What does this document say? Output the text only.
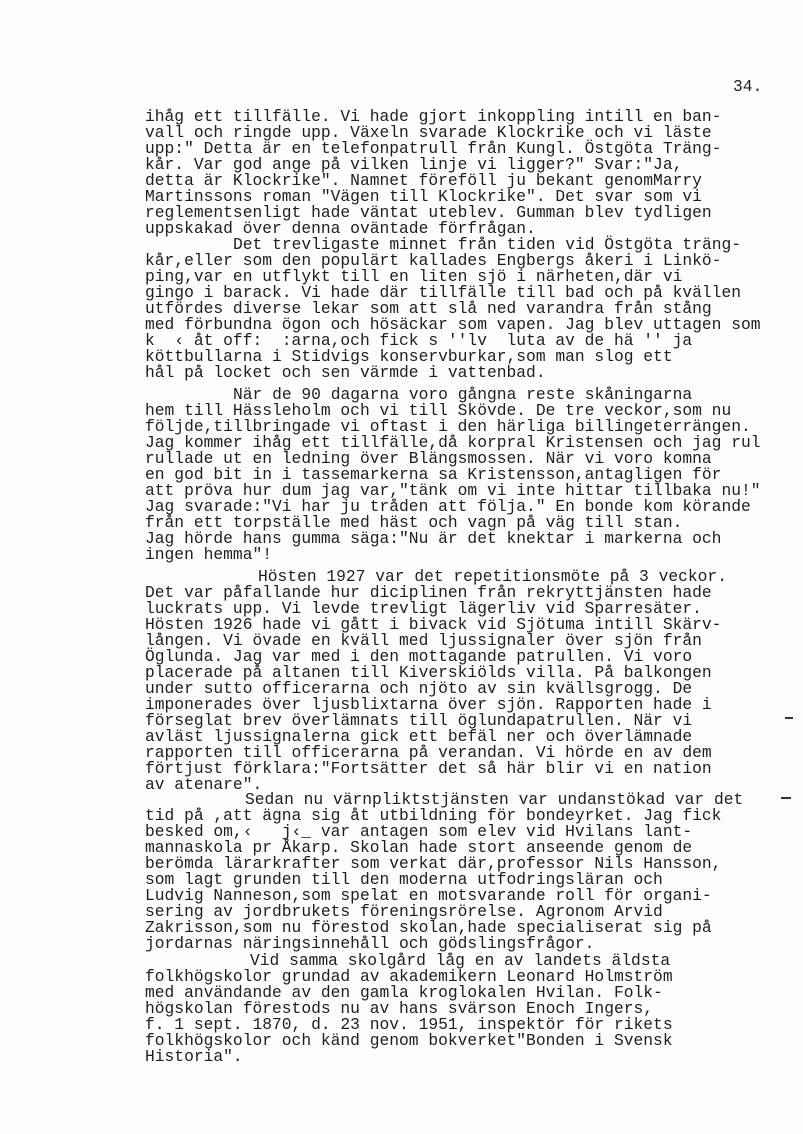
34.
ihåg ett tillfälle. Vi hade gjort inkoppling intill en ban-
vall och ringde upp. Växeln svarade Klockrike och vi läste
upp:" Detta är en telefonpatrull från Kungl. Östgöta Träng-
kår. Var god ange på vilken linje vi ligger?" Svar:"Ja,
detta är Klockrike". Namnet föreföll ju bekant genomMarry
Martinssons roman "Vägen till Klockrike". Det svar som vi
reglementsenligt hade väntat uteblev. Gumman blev tydligen
uppskakad över denna oväntade förfrågan.
Det trevligaste minnet från tiden vid Östgöta träng-
kår,eller som den populärt kallades Engbergs åkeri i Linkö-
ping,var en utflykt till en liten sjö i närheten,där vi
gingo i barack. Vi hade där tillfälle till bad och på kvällen
utfördes diverse lekar som att slå ned varandra från stång
med förbundna ögon och hösäckar som vapen. Jag blev uttagen som
k  ‹ åt off:  :arna,och fick s ''lv  luta av de hä '' ja
köttbullarna i Stidvigs konservburkar,som man slog ett
hål på locket och sen värmde i vattenbad.
När de 90 dagarna voro gångna reste skåningarna
hem till Hässleholm och vi till Skövde. De tre veckor,som nu
följde,tillbringade vi oftast i den härliga billingeterrängen.
Jag kommer ihåg ett tillfälle,då korpral Kristensen och jag rul
rullade ut en ledning över Blängsmossen. När vi voro komna
en god bit in i tassemarkerna sa Kristensson,antagligen för
att pröva hur dum jag var,"tänk om vi inte hittar tillbaka nu!"
Jag svarade:"Vi har ju tråden att följa." En bonde kom körande
från ett torpställe med häst och vagn på väg till stan.
Jag hörde hans gumma säga:"Nu är det knektar i markerna och
ingen hemma"!
Hösten 1927 var det repetitionsmöte på 3 veckor.
Det var påfallande hur diciplinen från rekryttjänsten hade
luckrats upp. Vi levde trevligt lägerliv vid Sparresäter.
Hösten 1926 hade vi gått i bivack vid Sjötuma intill Skärv-
lången. Vi övade en kväll med ljussignaler över sjön från
Öglunda. Jag var med i den mottagande patrullen. Vi voro
placerade på altanen till Kiverskiölds villa. På balkongen
under sutto officerarna och njöto av sin kvällsgrogg. De
imponerades över ljusblixtarna över sjön. Rapporten hade i
förseglat brev överlämnats till öglundapatrullen. När vi
avläst ljussignalerna gick ett befäl ner och överlämnade
rapporten till officerarna på verandan. Vi hörde en av dem
förtjust förklara:"Fortsätter det så här blir vi en nation
av atenare".
Sedan nu värnpliktstjänsten var undanstökad var det
tid på ,att ägna sig åt utbildning för bondeyrket. Jag fick
besked om,‹   j‹_ var antagen som elev vid Hvilans lant-
mannaskola pr Åkarp. Skolan hade stort anseende genom de
berömda lärarkrafter som verkat där,professor Nils Hansson,
som lagt grunden till den moderna utfodringsläran och
Ludvig Nanneson,som spelat en motsvarande roll för organi-
sering av jordbrukets föreningsrörelse. Agronom Arvid
Zakrisson,som nu förestod skolan,hade specialiserat sig på
jordarnas näringsinnehåll och gödslingsfrågor.
Vid samma skolgård låg en av landets äldsta
folkhögskolor grundad av akademikern Leonard Holmström
med användande av den gamla kroglokalen Hvilan. Folk-
högskolan förestods nu av hans svärson Enoch Ingers,
f. 1 sept. 1870, d. 23 nov. 1951, inspektör för rikets
folkhögskolor och känd genom bokverket"Bonden i Svensk
Historia".
